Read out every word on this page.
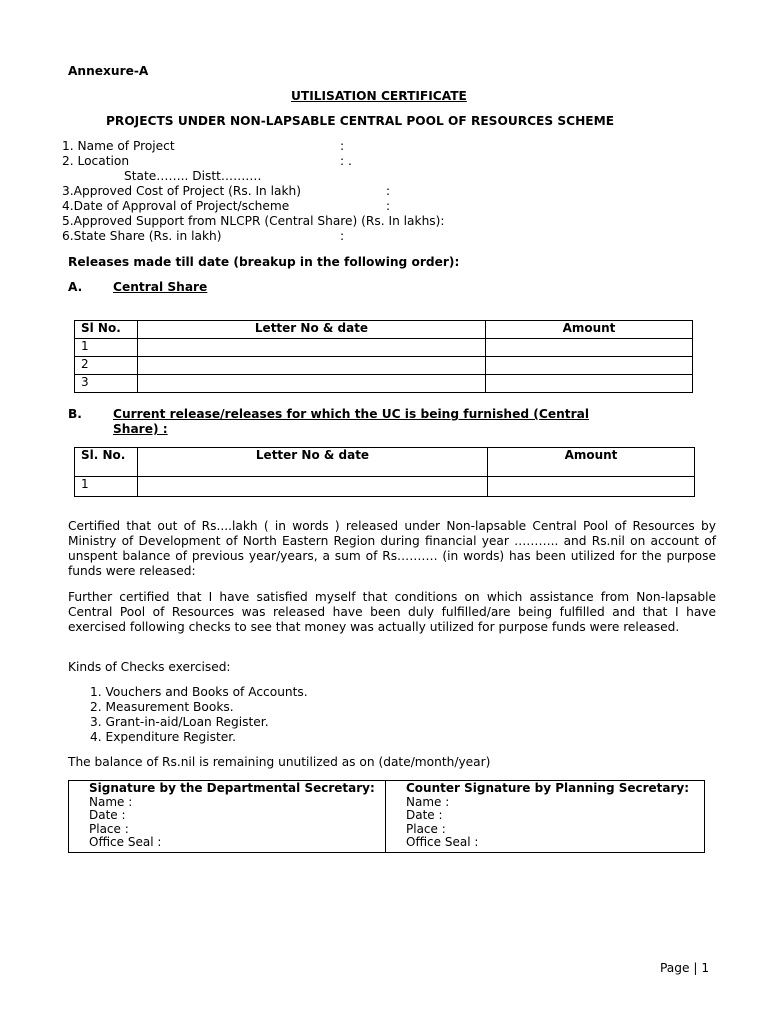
Annexure-A
UTILISATION CERTIFICATE
PROJECTS UNDER NON-LAPSABLE CENTRAL POOL OF RESOURCES SCHEME
1. Name of Project	:
2. Location	: .
State…….. Distt……….
3.Approved Cost of Project (Rs. In lakh)	:
4.Date of Approval of Project/scheme	:
5.Approved Support from NLCPR (Central Share) (Rs. In lakhs):
6.State Share (Rs. in lakh)	:
Releases made till date (breakup in the following order):
A.	Central Share
Sl No.	Letter No & date	Amount
1		
2		
3		
B.	Current release/releases for which the UC is being furnished (Central
Share) :
Sl. No.	Letter No & date	Amount
1		
Certified that out of Rs....lakh ( in words ) released under Non-lapsable Central Pool of Resources by Ministry of Development of North Eastern Region during financial year ……….. and Rs.nil on account of unspent balance of previous year/years, a sum of Rs………. (in words) has been utilized for the purpose funds were released:
Further certified that I have satisfied myself that conditions on which assistance from Non-lapsable Central Pool of Resources was released have been duly fulfilled/are being fulfilled and that I have exercised following checks to see that money was actually utilized for purpose funds were released.
Kinds of Checks exercised:
1. Vouchers and Books of Accounts.
2. Measurement Books.
3. Grant-in-aid/Loan Register.
4. Expenditure Register.
The balance of Rs.nil is remaining unutilized as on (date/month/year)
Signature by the Departmental Secretary:	Counter Signature by Planning Secretary:
Name :	Name :
Date :	Date :
Place :	Place :
Office Seal :	Office Seal :
Page | 1
